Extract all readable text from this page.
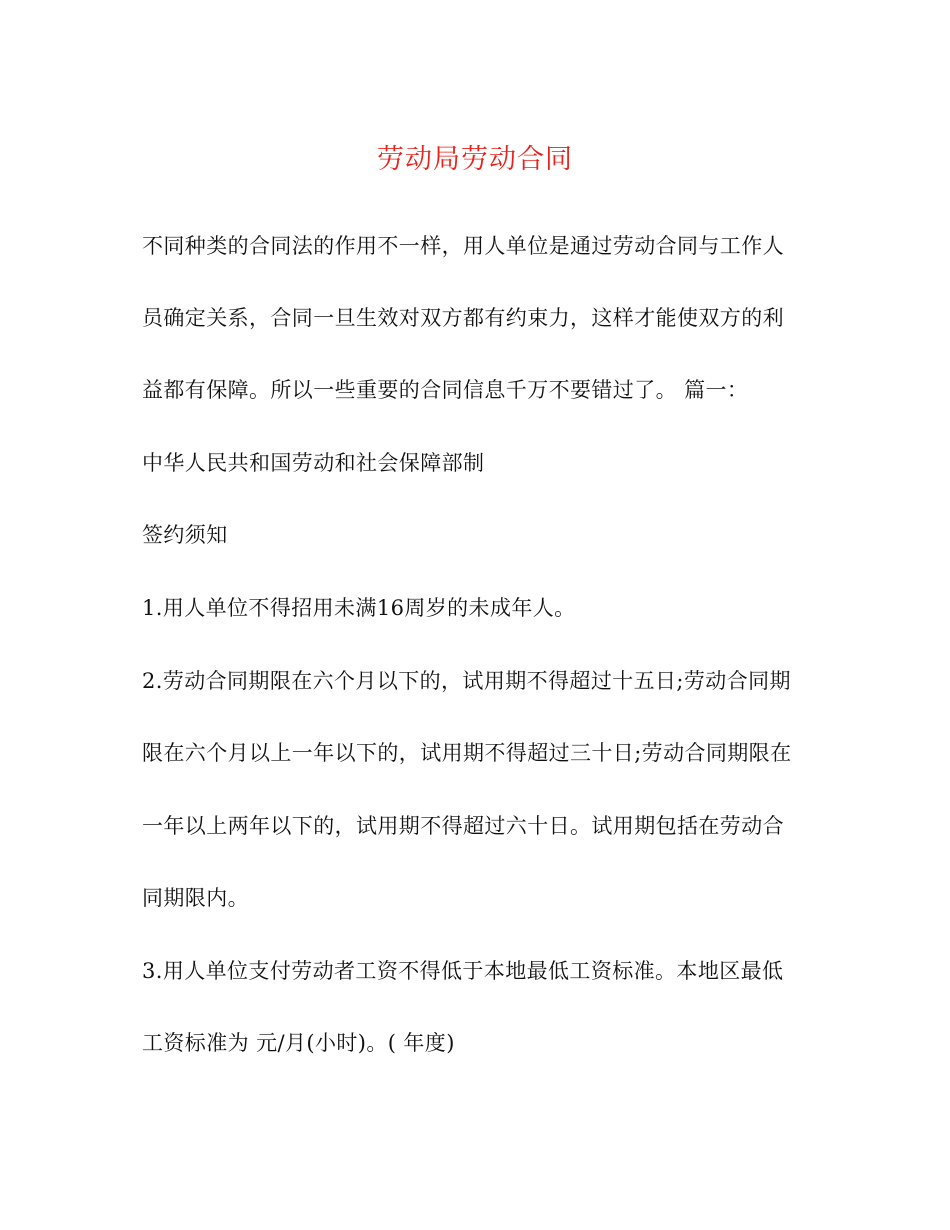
劳动局劳动合同
不同种类的合同法的作用不一样，用人单位是通过劳动合同与工作人
员确定关系，合同一旦生效对双方都有约束力，这样才能使双方的利
益都有保障。所以一些重要的合同信息千万不要错过了。 篇一：
中华人民共和国劳动和社会保障部制
签约须知
1.用人单位不得招用未满16周岁的未成年人。
2.劳动合同期限在六个月以下的，试用期不得超过十五日;劳动合同期
限在六个月以上一年以下的，试用期不得超过三十日;劳动合同期限在
一年以上两年以下的，试用期不得超过六十日。试用期包括在劳动合
同期限内。
3.用人单位支付劳动者工资不得低于本地最低工资标准。本地区最低
工资标准为 元/月(小时)。( 年度)
